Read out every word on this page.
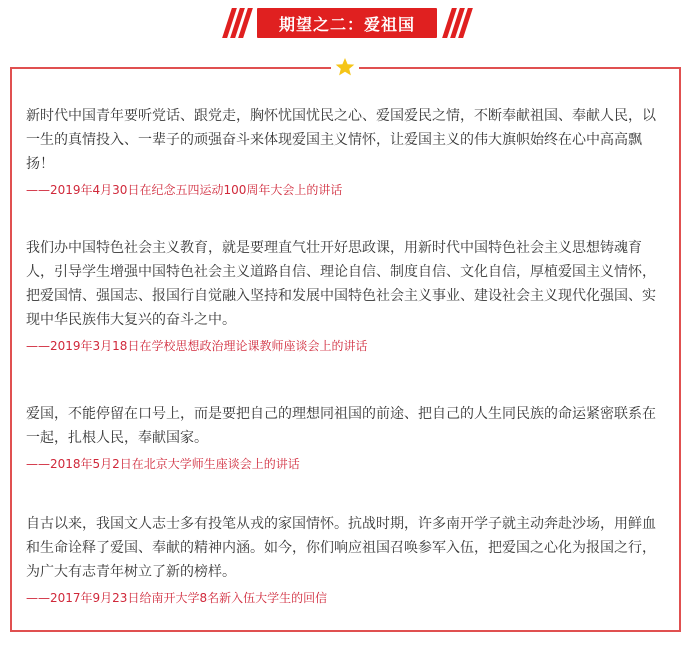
期望之二：爱祖国

新时代中国青年要听党话、跟党走，胸怀忧国忧民之心、爱国爱民之情，不断奉献祖国、奉献人民，以一生的真情投入、一辈子的顽强奋斗来体现爱国主义情怀，让爱国主义的伟大旗帜始终在心中高高飘扬！

——2019年4月30日在纪念五四运动100周年大会上的讲话

我们办中国特色社会主义教育，就是要理直气壮开好思政课，用新时代中国特色社会主义思想铸魂育人，引导学生增强中国特色社会主义道路自信、理论自信、制度自信、文化自信，厚植爱国主义情怀，把爱国情、强国志、报国行自觉融入坚持和发展中国特色社会主义事业、建设社会主义现代化强国、实现中华民族伟大复兴的奋斗之中。

——2019年3月18日在学校思想政治理论课教师座谈会上的讲话

爱国，不能停留在口号上，而是要把自己的理想同祖国的前途、把自己的人生同民族的命运紧密联系在一起，扎根人民，奉献国家。

——2018年5月2日在北京大学师生座谈会上的讲话

自古以来，我国文人志士多有投笔从戎的家国情怀。抗战时期，许多南开学子就主动奔赴沙场，用鲜血和生命诠释了爱国、奉献的精神内涵。如今，你们响应祖国召唤参军入伍，把爱国之心化为报国之行，为广大有志青年树立了新的榜样。

——2017年9月23日给南开大学8名新入伍大学生的回信
